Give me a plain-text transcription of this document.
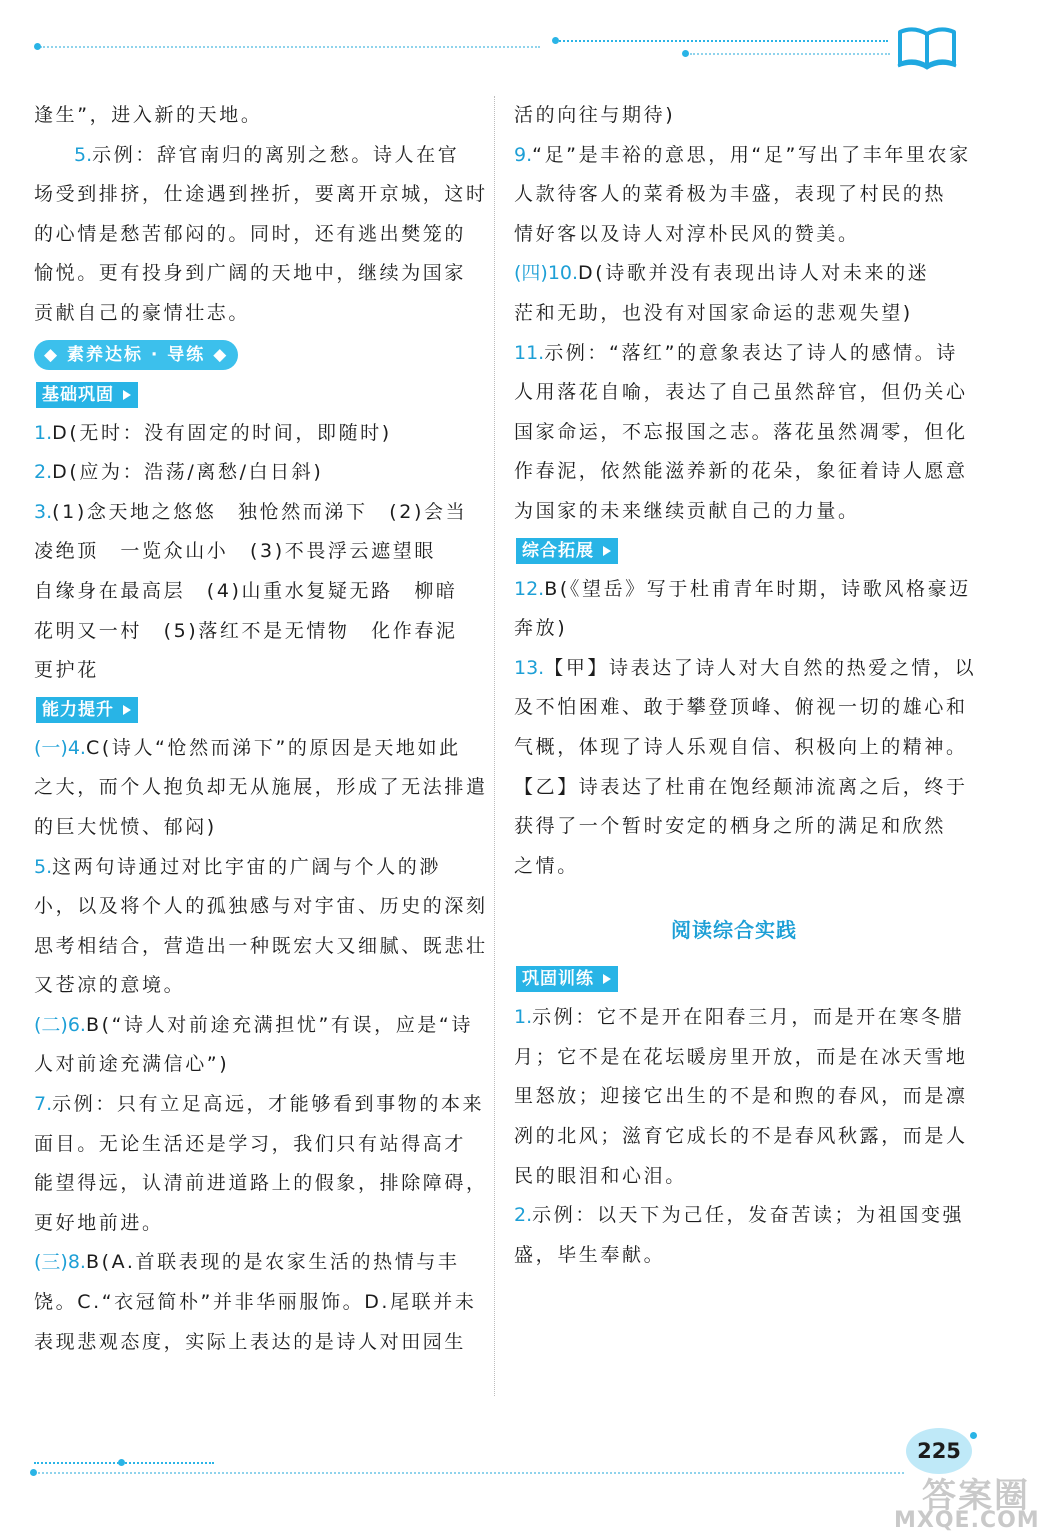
逢生”，进入新的天地。
5.示例：辞官南归的离别之愁。诗人在官
场受到排挤，仕途遇到挫折，要离开京城，这时
的心情是愁苦郁闷的。同时，还有逃出樊笼的
愉悦。更有投身到广阔的天地中，继续为国家
贡献自己的豪情壮志。
◆ 素养达标 · 导练 ◆
基础巩固
1.D(无时：没有固定的时间，即随时)
2.D(应为：浩荡/离愁/白日斜)
3.(1)念天地之悠悠　独怆然而涕下　(2)会当
凌绝顶　一览众山小　(3)不畏浮云遮望眼
自缘身在最高层　(4)山重水复疑无路　柳暗
花明又一村　(5)落红不是无情物　化作春泥
更护花
能力提升
(一)4.C(诗人“怆然而涕下”的原因是天地如此
之大，而个人抱负却无从施展，形成了无法排遣
的巨大忧愤、郁闷)
5.这两句诗通过对比宇宙的广阔与个人的渺
小，以及将个人的孤独感与对宇宙、历史的深刻
思考相结合，营造出一种既宏大又细腻、既悲壮
又苍凉的意境。
(二)6.B(“诗人对前途充满担忧”有误，应是“诗
人对前途充满信心”)
7.示例：只有立足高远，才能够看到事物的本来
面目。无论生活还是学习，我们只有站得高才
能望得远，认清前进道路上的假象，排除障碍，
更好地前进。
(三)8.B(A.首联表现的是农家生活的热情与丰
饶。C.“衣冠简朴”并非华丽服饰。D.尾联并未
表现悲观态度，实际上表达的是诗人对田园生
活的向往与期待)
9.“足”是丰裕的意思，用“足”写出了丰年里农家
人款待客人的菜肴极为丰盛，表现了村民的热
情好客以及诗人对淳朴民风的赞美。
(四)10.D(诗歌并没有表现出诗人对未来的迷
茫和无助，也没有对国家命运的悲观失望)
11.示例：“落红”的意象表达了诗人的感情。诗
人用落花自喻，表达了自己虽然辞官，但仍关心
国家命运，不忘报国之志。落花虽然凋零，但化
作春泥，依然能滋养新的花朵，象征着诗人愿意
为国家的未来继续贡献自己的力量。
综合拓展
12.B(《望岳》写于杜甫青年时期，诗歌风格豪迈
奔放)
13.【甲】诗表达了诗人对大自然的热爱之情，以
及不怕困难、敢于攀登顶峰、俯视一切的雄心和
气概，体现了诗人乐观自信、积极向上的精神。
【乙】诗表达了杜甫在饱经颠沛流离之后，终于
获得了一个暂时安定的栖身之所的满足和欣然
之情。
阅读综合实践
巩固训练
1.示例：它不是开在阳春三月，而是开在寒冬腊
月；它不是在花坛暖房里开放，而是在冰天雪地
里怒放；迎接它出生的不是和煦的春风，而是凛
冽的北风；滋育它成长的不是春风秋露，而是人
民的眼泪和心泪。
2.示例：以天下为己任，发奋苦读；为祖国变强
盛，毕生奉献。
225
答案圈
MXQE.COM
